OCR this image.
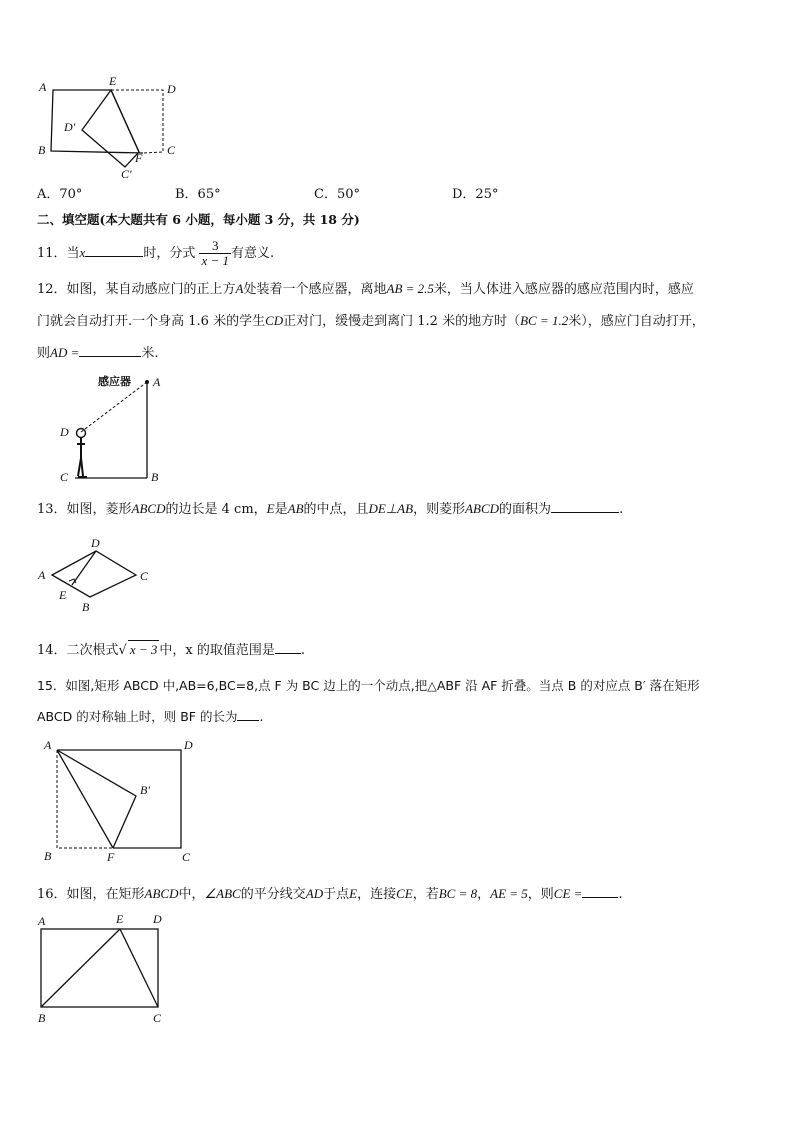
A	E
D
D′
B
F
C
C′
A．70°	B．65°	C．50°	D．25°
二、填空题(本大题共有 6 小题，每小题 3 分，共 18 分)
11．当x	时，分式 $\frac{3}{x - 1}$ 有意义.
12．如图，某自动感应门的正上方A处装着一个感应器，离地AB = 2.5米，当人体进入感应器的感应范围内时，感应
门就会自动打开.一个身高 1.6 米的学生CD正对门，缓慢走到离门 1.2 米的地方时（BC = 1.2米），感应门自动打开，
则AD =	米.
感应器 A
D
C	B
13．如图，菱形ABCD的边长是 4 cm，E是AB的中点，且DE⊥AB，则菱形ABCD的面积为	.
A
D
C
E
B
14．二次根式√ x − 3 中，x 的取值范围是 .
15．如图,矩形 ABCD 中,AB=6,BC=8,点 F 为 BC 边上的一个动点,把△ABF 沿 AF 折叠。当点 B 的对应点 B′ 落在矩形
ABCD 的对称轴上时，则 BF 的长为 .
A	D
B′
B	F	C
16．如图，在矩形ABCD中，∠ABC的平分线交AD于点E，连接CE，若BC = 8，AE = 5，则CE =	.
A	E D
B	C
